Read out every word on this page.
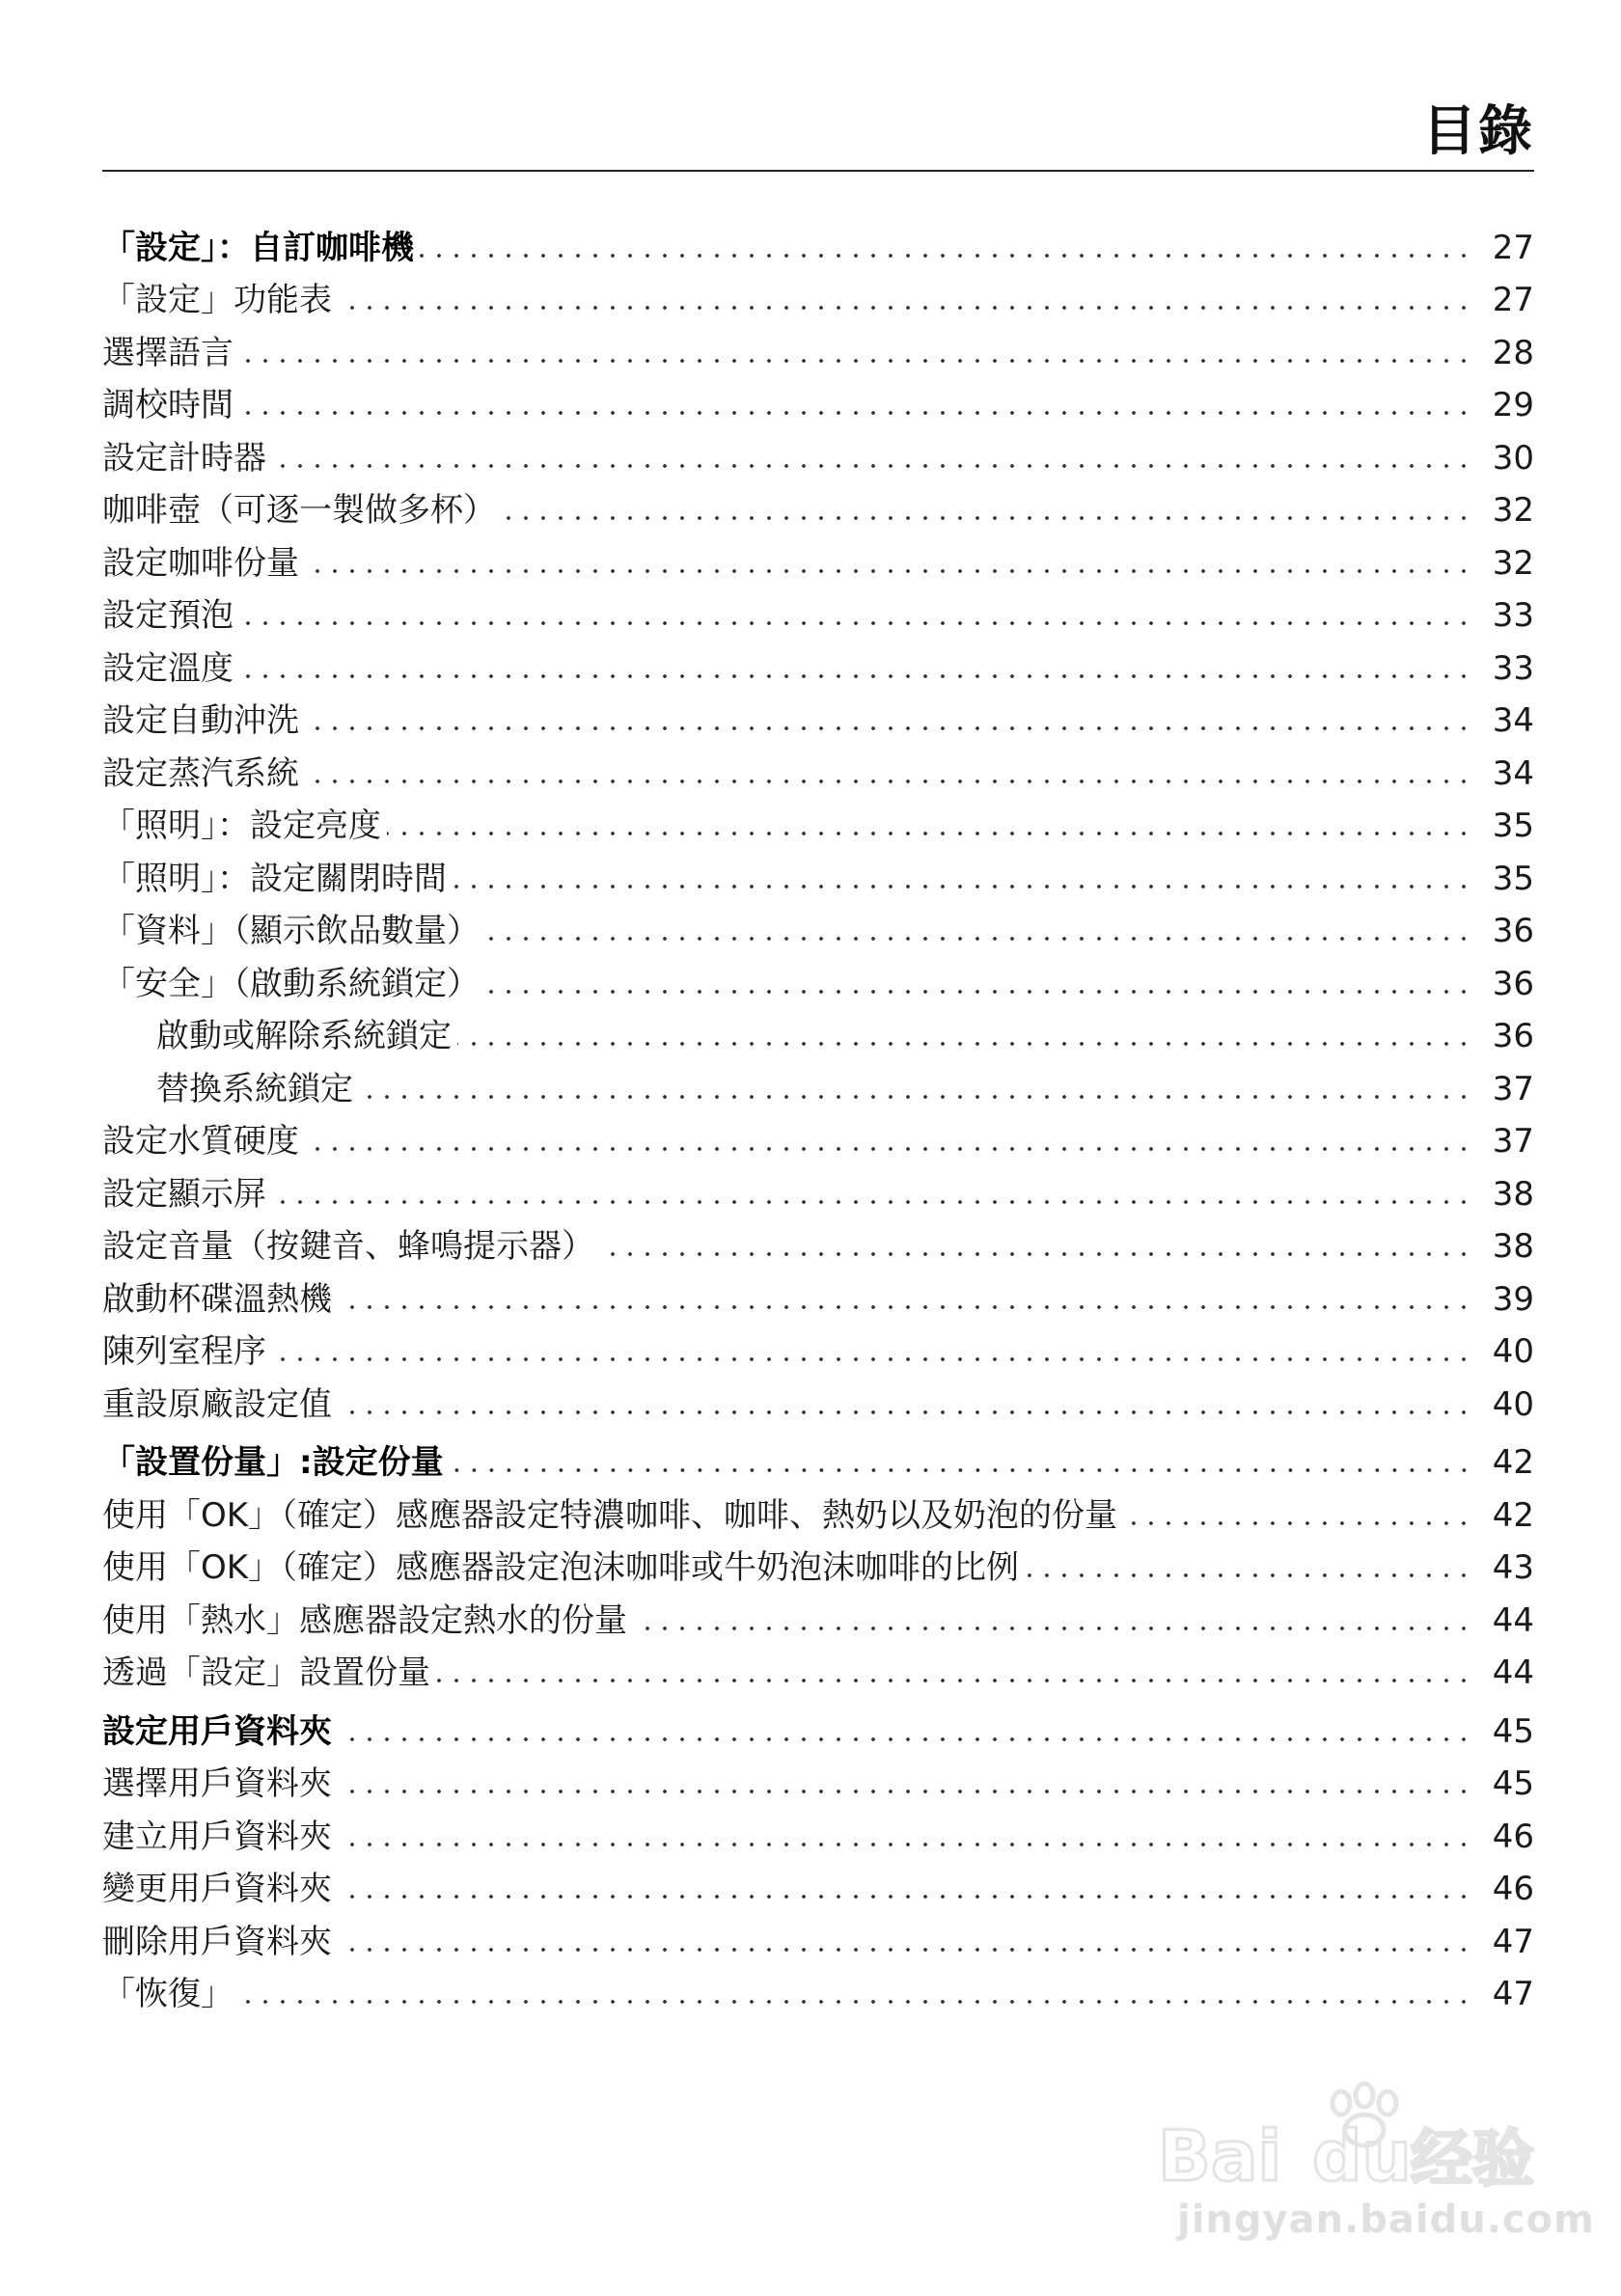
目錄
「設定」：自訂咖啡機	27
「設定」功能表	27
選擇語言	28
調校時間	29
設定計時器	30
咖啡壺（可逐一製做多杯）	32
設定咖啡份量	32
設定預泡	33
設定溫度	33
設定自動沖洗	34
設定蒸汽系統	34
「照明」：設定亮度	35
「照明」：設定關閉時間	35
「資料」（顯示飲品數量）	36
「安全」（啟動系統鎖定）	36
啟動或解除系統鎖定	36
替換系統鎖定	37
設定水質硬度	37
設定顯示屏	38
設定音量（按鍵音、蜂鳴提示器）	38
啟動杯碟溫熱機	39
陳列室程序	40
重設原廠設定值	40
「設置份量」:設定份量	42
使用「OK」（確定）感應器設定特濃咖啡、咖啡、熱奶以及奶泡的份量	42
使用「OK」（確定）感應器設定泡沫咖啡或牛奶泡沫咖啡的比例	43
使用「熱水」感應器設定熱水的份量	44
透過「設定」設置份量	44
設定用戶資料夾	45
選擇用戶資料夾	45
建立用戶資料夾	46
變更用戶資料夾	46
刪除用戶資料夾	47
「恢復」	47
Bai du 经验
jingyan.baidu.com
